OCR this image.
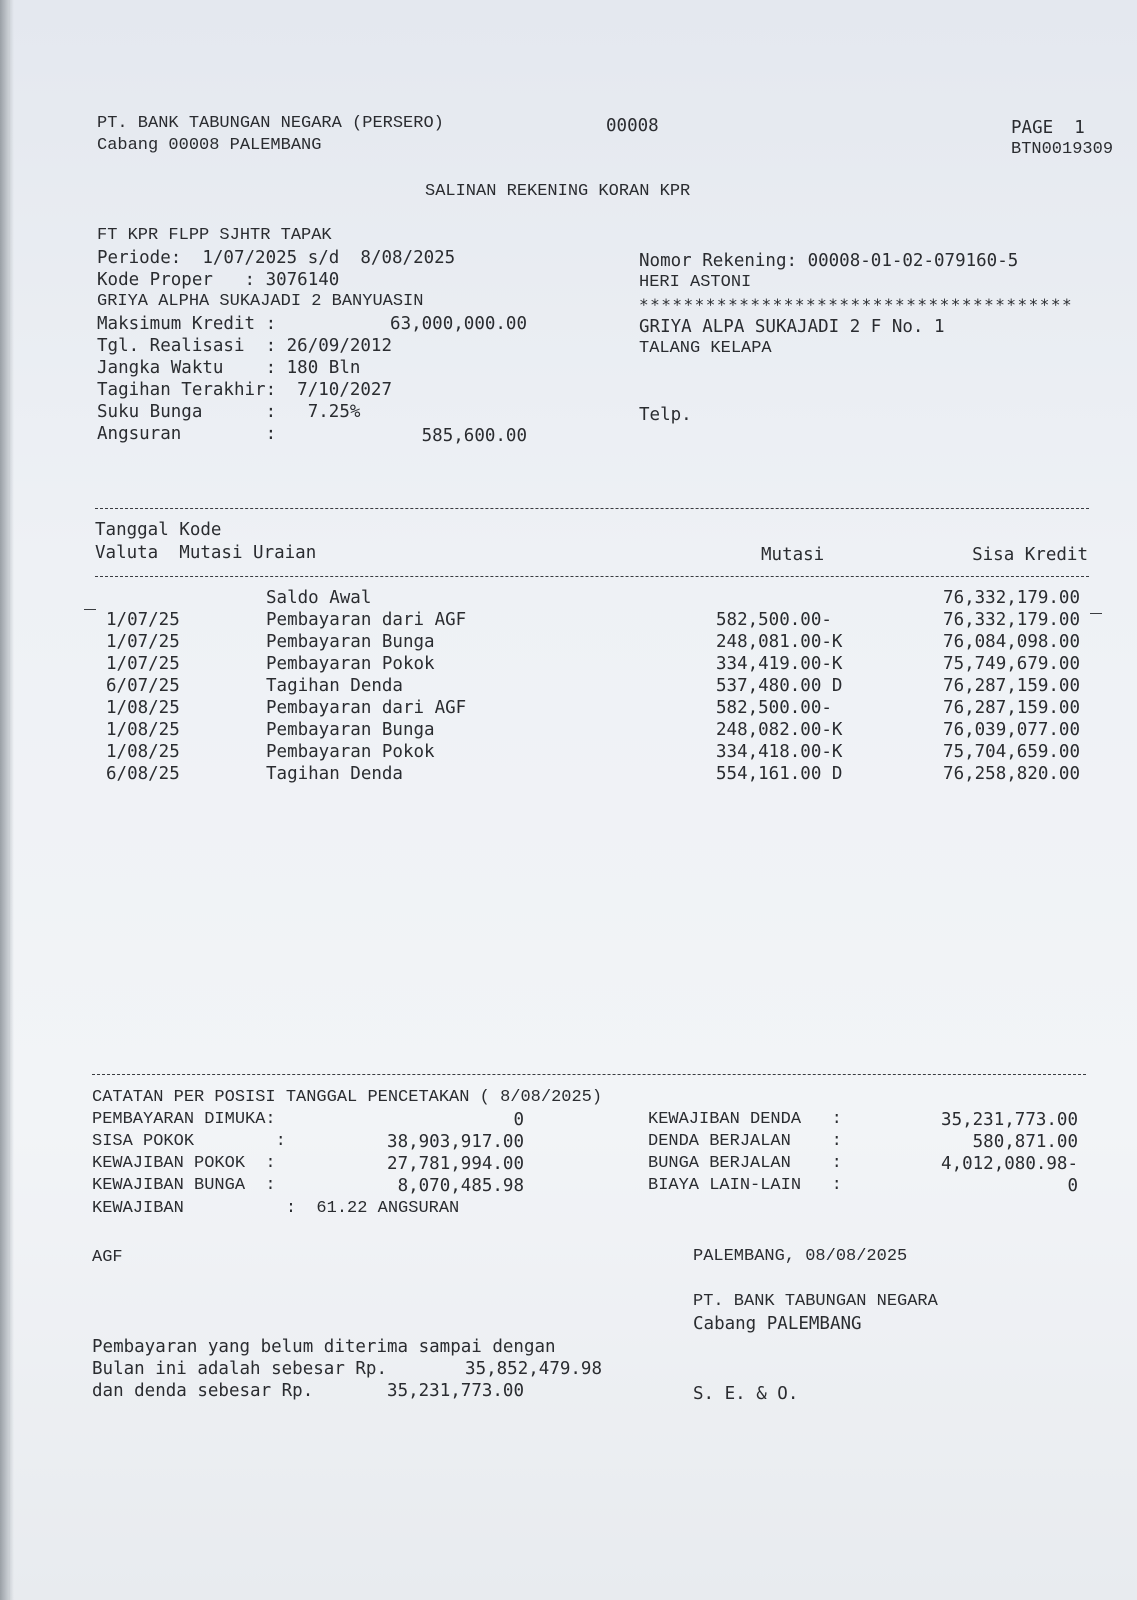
PT. BANK TABUNGAN NEGARA (PERSERO)
Cabang 00008 PALEMBANG
00008	PAGE  1
BTN0019309
SALINAN REKENING KORAN KPR
FT KPR FLPP SJHTR TAPAK
Periode:  1/07/2025 s/d  8/08/2025
Kode Proper   : 3076140
GRIYA ALPHA SUKAJADI 2 BANYUASIN
Maksimum Kredit :	63,000,000.00
Tgl. Realisasi  : 26/09/2012
Jangka Waktu    : 180 Bln
Tagihan Terakhir:  7/10/2027
Suku Bunga      :   7.25%
Angsuran        :	585,600.00
Nomor Rekening: 00008-01-02-079160-5
HERI ASTONI
***************************************
GRIYA ALPA SUKAJADI 2 F No. 1
TALANG KELAPA
Telp.
Tanggal Kode
Valuta  Mutasi Uraian	Mutasi	Sisa Kredit
Saldo Awal	76,332,179.00
1/07/25	Pembayaran dari AGF	582,500.00-	76,332,179.00
1/07/25	Pembayaran Bunga	248,081.00-K	76,084,098.00
1/07/25	Pembayaran Pokok	334,419.00-K	75,749,679.00
6/07/25	Tagihan Denda	537,480.00 D	76,287,159.00
1/08/25	Pembayaran dari AGF	582,500.00-	76,287,159.00
1/08/25	Pembayaran Bunga	248,082.00-K	76,039,077.00
1/08/25	Pembayaran Pokok	334,418.00-K	75,704,659.00
6/08/25	Tagihan Denda	554,161.00 D	76,258,820.00
CATATAN PER POSISI TANGGAL PENCETAKAN ( 8/08/2025)
PEMBAYARAN DIMUKA:	0
SISA POKOK        :	38,903,917.00
KEWAJIBAN POKOK  :	27,781,994.00
KEWAJIBAN BUNGA  :	8,070,485.98
KEWAJIBAN          :  61.22 ANGSURAN
KEWAJIBAN DENDA   :	35,231,773.00
DENDA BERJALAN    :	580,871.00
BUNGA BERJALAN    :	4,012,080.98-
BIAYA LAIN-LAIN   :	0
AGF	PALEMBANG, 08/08/2025
PT. BANK TABUNGAN NEGARA
Cabang PALEMBANG
Pembayaran yang belum diterima sampai dengan
Bulan ini adalah sebesar Rp.	35,852,479.98
dan denda sebesar Rp.	35,231,773.00	S. E. & O.
